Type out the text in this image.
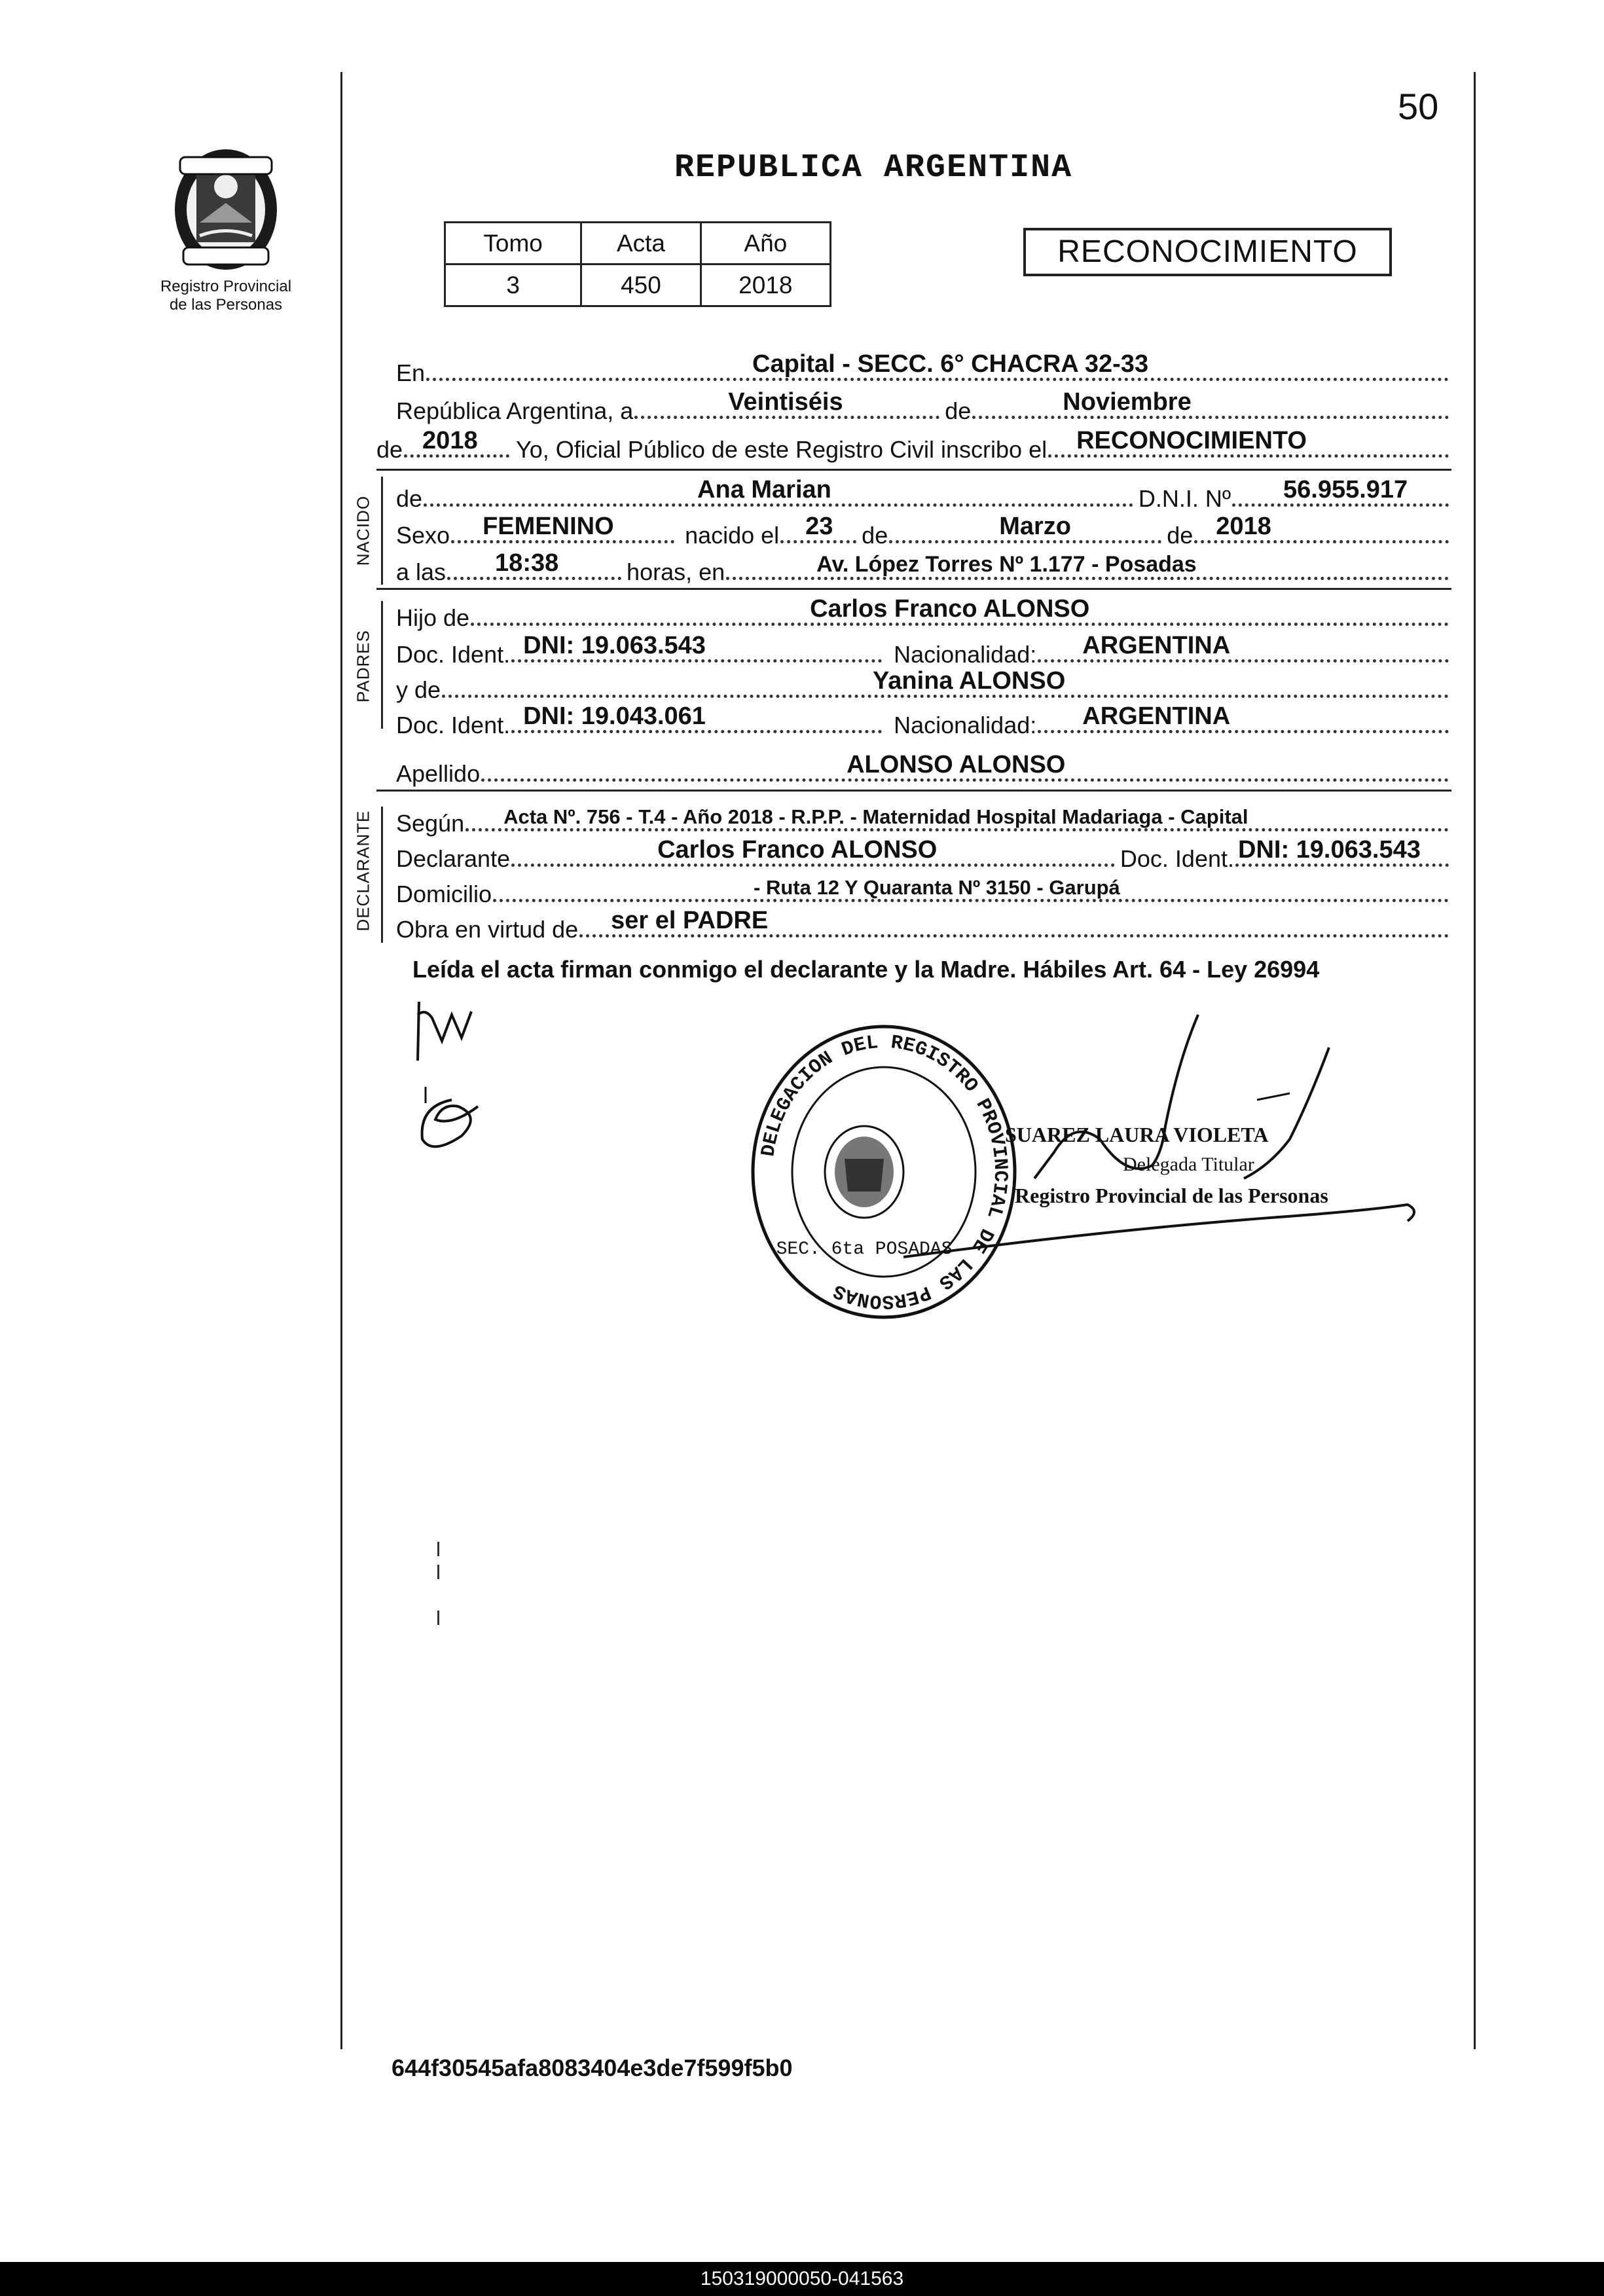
50
Registro Provincial
de las Personas
REPUBLICA ARGENTINA
Tomo	Acta	Año
3	450	2018
RECONOCIMIENTO
En	Capital - SECC. 6° CHACRA 32-33
República Argentina, a	Veintiséis	de	Noviembre
de 2018 Yo, Oficial Público de este Registro Civil inscribo el RECONOCIMIENTO
NACIDO de	Ana Marian	D.N.I. Nº 56.955.917
Sexo FEMENINO	nacido el 23 de	Marzo	de 2018
a las 18:38	horas, en	Av. López Torres Nº 1.177 - Posadas
PADRES
Hijo de	Carlos Franco ALONSO
Doc. Ident. DNI: 19.063.543	Nacionalidad: ARGENTINA
y de	Yanina ALONSO
Doc. Ident. DNI: 19.043.061	Nacionalidad: ARGENTINA
Apellido	ALONSO ALONSO
DECLARANTE Según Acta Nº. 756 - T.4 - Año 2018 - R.P.P. - Maternidad Hospital Madariaga - Capital
Declarante	Carlos Franco ALONSO	Doc. Ident. DNI: 19.063.543
Domicilio	- Ruta 12 Y Quaranta Nº 3150 - Garupá
Obra en virtud de ser el PADRE
Leída el acta firman conmigo el declarante y la Madre. Hábiles Art. 64 - Ley 26994
DELEGACION DEL REGISTRO PROVINCIAL DE LAS PERSONAS
SEC. 6ta POSADAS
SUAREZ LAURA VIOLETA
Delegada Titular
Registro Provincial de las Personas
644f30545afa8083404e3de7f599f5b0
150319000050-041563
